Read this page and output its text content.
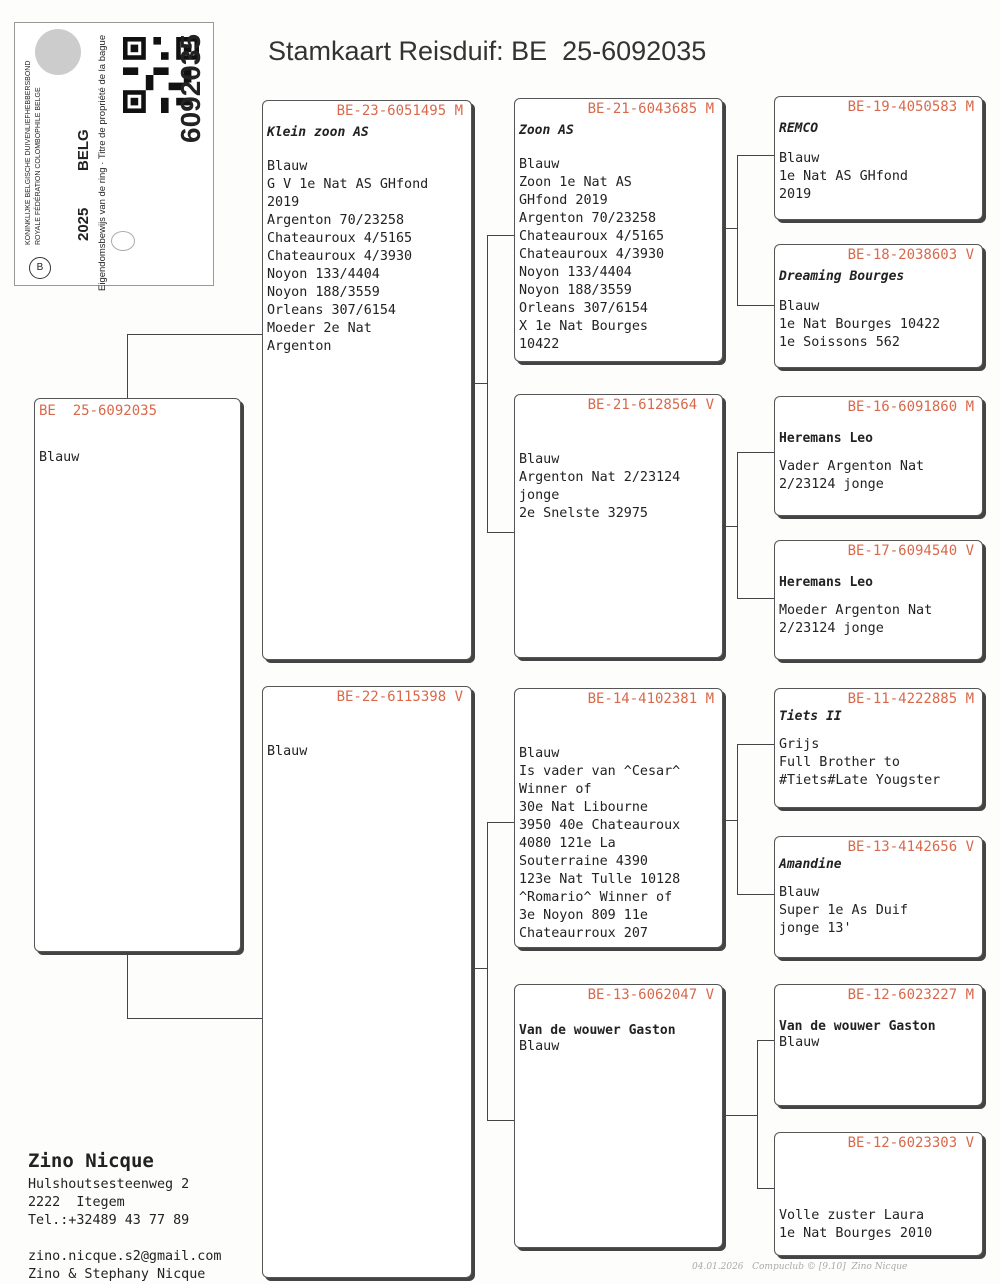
Stamkaart Reisduif: BE  25-6092035
B
KONINKLIJKE BELGISCHE DUIVENLIEFHEBBERSBOND ROYALE FÉDÉRATION COLOMBOPHILE BELGE 2025
BELG Eigendomsbewijs van de ring · Titre de propriété de la bague 6092035
BE  25-6092035
Blauw
BE-23-6051495 M
Klein zoon AS
Blauw
G V 1e Nat AS GHfond
2019
Argenton 70/23258
Chateauroux 4/5165
Chateauroux 4/3930
Noyon 133/4404
Noyon 188/3559
Orleans 307/6154
Moeder 2e Nat
Argenton
BE-22-6115398 V
Blauw
BE-21-6043685 M
Zoon AS
Blauw
Zoon 1e Nat AS
GHfond 2019
Argenton 70/23258
Chateauroux 4/5165
Chateauroux 4/3930
Noyon 133/4404
Noyon 188/3559
Orleans 307/6154
X 1e Nat Bourges
10422
BE-21-6128564 V
Blauw
Argenton Nat 2/23124
jonge
2e Snelste 32975
BE-14-4102381 M
Blauw
Is vader van ^Cesar^
Winner of
30e Nat Libourne
3950 40e Chateauroux
4080 121e La
Souterraine 4390
123e Nat Tulle 10128
^Romario^ Winner of
3e Noyon 809 11e
Chateaurroux 207
BE-13-6062047 V
Van de wouwer Gaston
Blauw
BE-19-4050583 M
REMCO
Blauw
1e Nat AS GHfond
2019
BE-18-2038603 V
Dreaming Bourges
Blauw
1e Nat Bourges 10422
1e Soissons 562
BE-16-6091860 M
Heremans Leo
Vader Argenton Nat
2/23124 jonge
BE-17-6094540 V
Heremans Leo
Moeder Argenton Nat
2/23124 jonge
BE-11-4222885 M
Tiets II
Grijs
Full Brother to
#Tiets#Late Yougster
BE-13-4142656 V
Amandine
Blauw
Super 1e As Duif
jonge 13'
BE-12-6023227 M
Van de wouwer Gaston
Blauw
BE-12-6023303 V
Volle zuster Laura
1e Nat Bourges 2010
Zino Nicque
Hulshoutsesteenweg 2
2222  Itegem
Tel.:+32489 43 77 89
zino.nicque.s2@gmail.com
Zino & Stephany Nicque	04.01.2026   Compuclub © [9.10]  Zino Nicque
